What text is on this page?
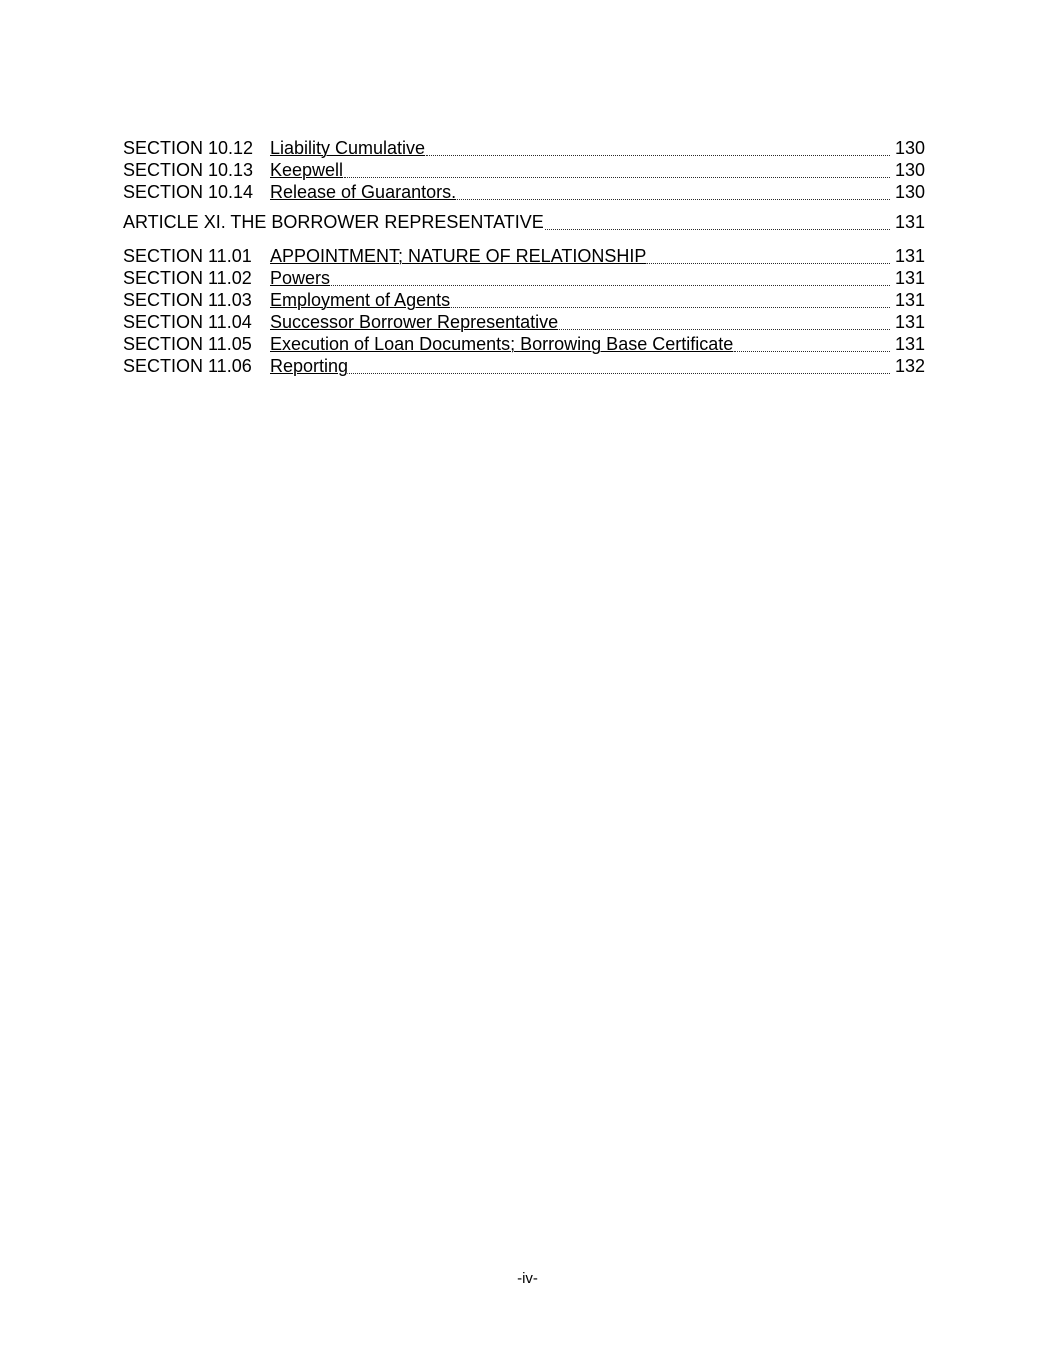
SECTION 10.12 Liability Cumulative	130
SECTION 10.13 Keepwell	130
SECTION 10.14 Release of Guarantors.	130
ARTICLE XI. THE BORROWER REPRESENTATIVE	131
SECTION 11.01	APPOINTMENT; NATURE OF RELATIONSHIP	131
SECTION 11.02	Powers	131
SECTION 11.03	Employment of Agents	131
SECTION 11.04	Successor Borrower Representative	131
SECTION 11.05	Execution of Loan Documents; Borrowing Base Certificate	131
SECTION 11.06	Reporting	132
-iv-
